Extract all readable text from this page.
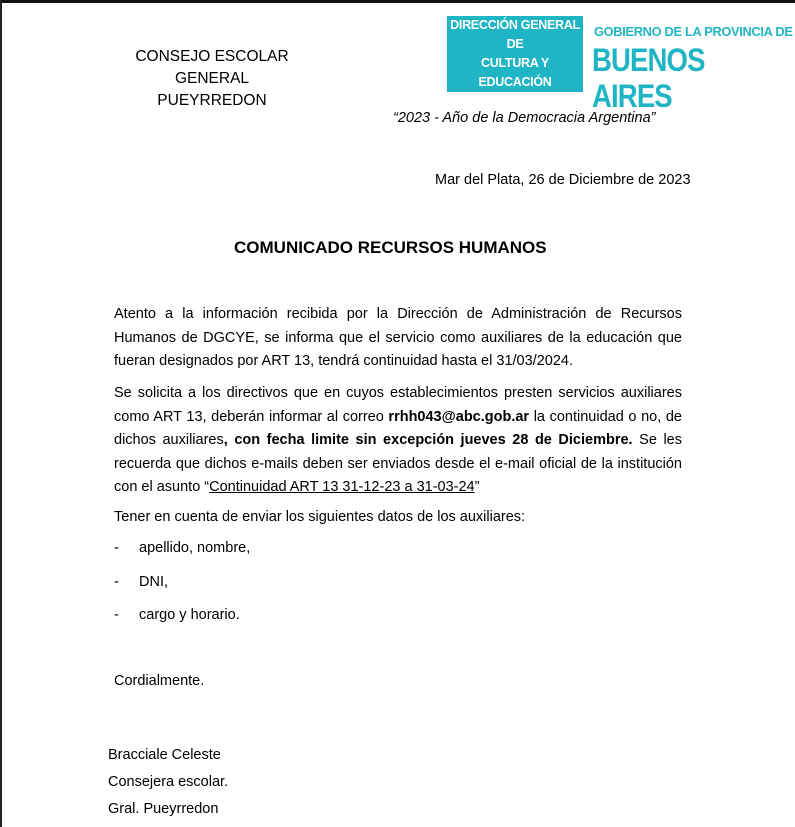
CONSEJO ESCOLAR
GENERAL PUEYRREDON
DIRECCIÓN GENERAL DE
CULTURA Y EDUCACIÓN
GOBIERNO DE LA PROVINCIA DE
BUENOS AIRES
“2023 - Año de la Democracia Argentina”
Mar del Plata, 26 de Diciembre de 2023
COMUNICADO RECURSOS HUMANOS
Atento a la información recibida por la Dirección de Administración de Recursos Humanos de DGCYE, se informa que el servicio como auxiliares de la educación que fueran designados por ART 13, tendrá continuidad hasta el 31/03/2024.
Se solicita a los directivos que en cuyos establecimientos presten servicios auxiliares como ART 13, deberán informar al correo rrhh043@abc.gob.ar la continuidad o no, de dichos auxiliares, con fecha limite sin excepción jueves 28 de Diciembre. Se les recuerda que dichos e-mails deben ser enviados desde el e-mail oficial de la institución con el asunto “Continuidad ART 13 31-12-23 a 31-03-24”
Tener en cuenta de enviar los siguientes datos de los auxiliares:
- apellido, nombre,
- DNI,
- cargo y horario.
Cordialmente.
Bracciale Celeste
Consejera escolar.
Gral. Pueyrredon
